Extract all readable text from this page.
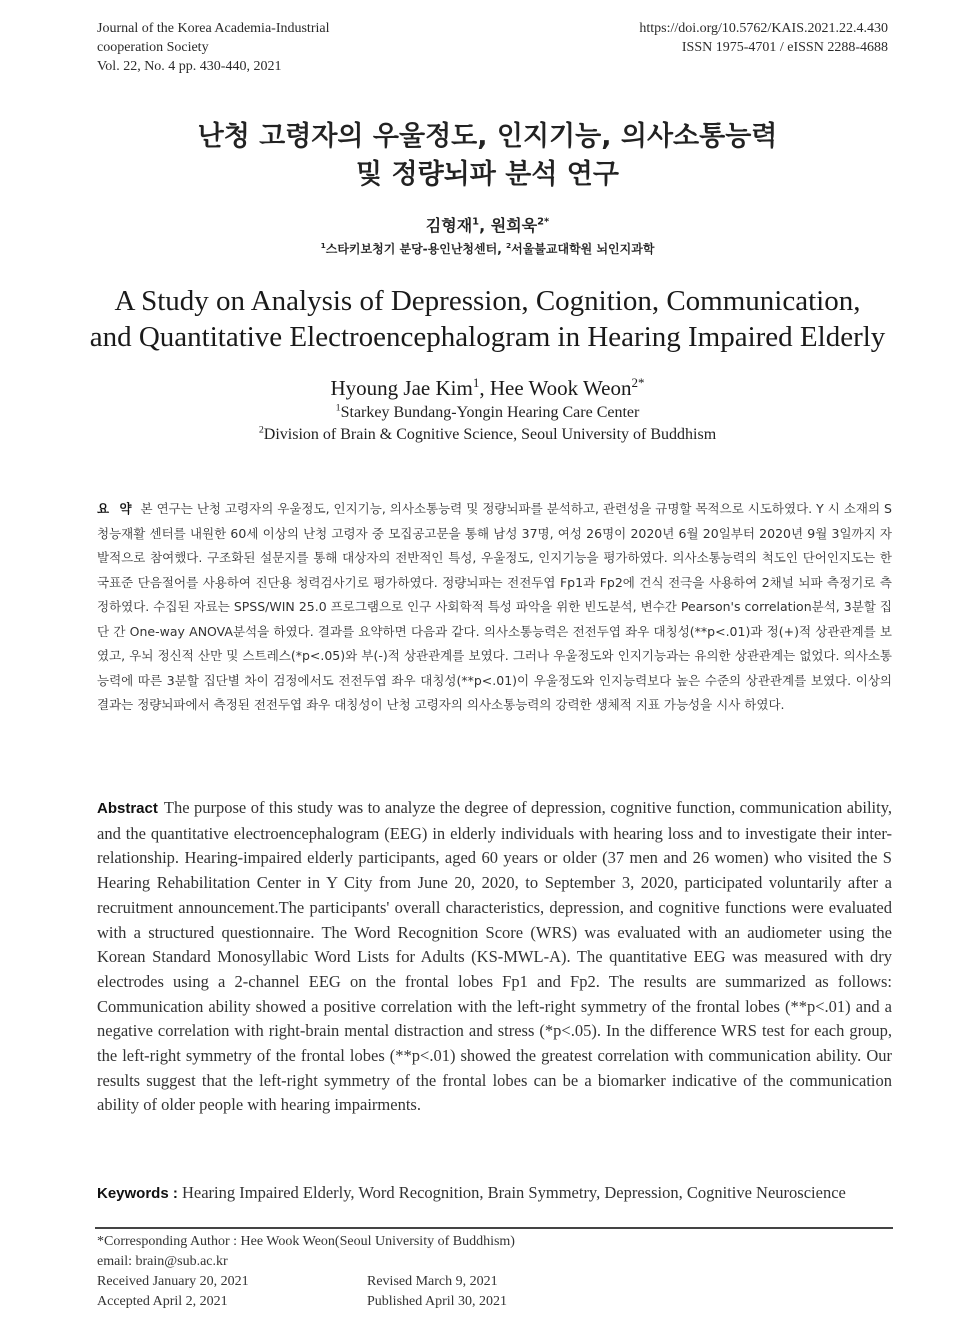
Journal of the Korea Academia-Industrial
cooperation Society
Vol. 22, No. 4 pp. 430-440, 2021
https://doi.org/10.5762/KAIS.2021.22.4.430
ISSN 1975-4701 / eISSN 2288-4688
난청 고령자의 우울정도, 인지기능, 의사소통능력
및 정량뇌파 분석 연구
김형재$^1$, 원희욱$^{2*}$
$^1$스타키보청기 분당-용인난청센터, $^2$서울불교대학원 뇌인지과학
A Study on Analysis of Depression, Cognition, Communication,
and Quantitative Electroencephalogram in Hearing Impaired Elderly
Hyoung Jae Kim$^1$, Hee Wook Weon$^{2*}$
$^1$Starkey Bundang-Yongin Hearing Care Center
$^2$Division of Brain & Cognitive Science, Seoul University of Buddhism
요 약 본 연구는 난청 고령자의 우울정도, 인지기능, 의사소통능력 및 정량뇌파를 분석하고, 관련성을 규명할 목적으로 시도하였다. Y 시 소재의 S 청능재활 센터를 내원한 60세 이상의 난청 고령자 중 모집공고문을 통해 남성 37명, 여성 26명이 2020년 6월 20일부터 2020년 9월 3일까지 자발적으로 참여했다. 구조화된 설문지를 통해 대상자의 전반적인 특성, 우울정도, 인지기능을 평가하였다. 의사소통능력의 척도인 단어인지도는 한국표준 단음절어를 사용하여 진단용 청력검사기로 평가하였다. 정량뇌파는 전전두엽 Fp1과 Fp2에 건식 전극을 사용하여 2채널 뇌파 측정기로 측정하였다. 수집된 자료는 SPSS/WIN 25.0 프로그램으로 인구 사회학적 특성 파악을 위한 빈도분석, 변수간 Pearson's correlation분석, 3분할 집단 간 One-way ANOVA분석을 하였다. 결과를 요약하면 다음과 같다. 의사소통능력은 전전두엽 좌우 대칭성(**p<.01)과 정(+)적 상관관계를 보였고, 우뇌 정신적 산만 및 스트레스(*p<.05)와 부(-)적 상관관계를 보였다. 그러나 우울정도와 인지기능과는 유의한 상관관계는 없었다. 의사소통능력에 따른 3분할 집단별 차이 검정에서도 전전두엽 좌우 대칭성(**p<.01)이 우울정도와 인지능력보다 높은 수준의 상관관계를 보였다. 이상의 결과는 정량뇌파에서 측정된 전전두엽 좌우 대칭성이 난청 고령자의 의사소통능력의 강력한 생체적 지표 가능성을 시사 하였다.
Abstract The purpose of this study was to analyze the degree of depression, cognitive function, communication ability, and the quantitative electroencephalogram (EEG) in elderly individuals with hearing loss and to investigate their inter-relationship. Hearing-impaired elderly participants, aged 60 years or older (37 men and 26 women) who visited the S Hearing Rehabilitation Center in Y City from June 20, 2020, to September 3, 2020, participated voluntarily after a recruitment announcement.The participants' overall characteristics, depression, and cognitive functions were evaluated with a structured questionnaire. The Word Recognition Score (WRS) was evaluated with an audiometer using the Korean Standard Monosyllabic Word Lists for Adults (KS-MWL-A). The quantitative EEG was measured with dry electrodes using a 2-channel EEG on the frontal lobes Fp1 and Fp2. The results are summarized as follows: Communication ability showed a positive correlation with the left-right symmetry of the frontal lobes (**p<.01) and a negative correlation with right-brain mental distraction and stress (*p<.05). In the difference WRS test for each group, the left-right symmetry of the frontal lobes (**p<.01) showed the greatest correlation with communication ability. Our results suggest that the left-right symmetry of the frontal lobes can be a biomarker indicative of the communication ability of older people with hearing impairments.
Keywords : Hearing Impaired Elderly, Word Recognition, Brain Symmetry, Depression, Cognitive Neuroscience
*Corresponding Author : Hee Wook Weon(Seoul University of Buddhism)
email: brain@sub.ac.kr
Received January 20, 2021	Revised March 9, 2021
Accepted April 2, 2021	Published April 30, 2021
